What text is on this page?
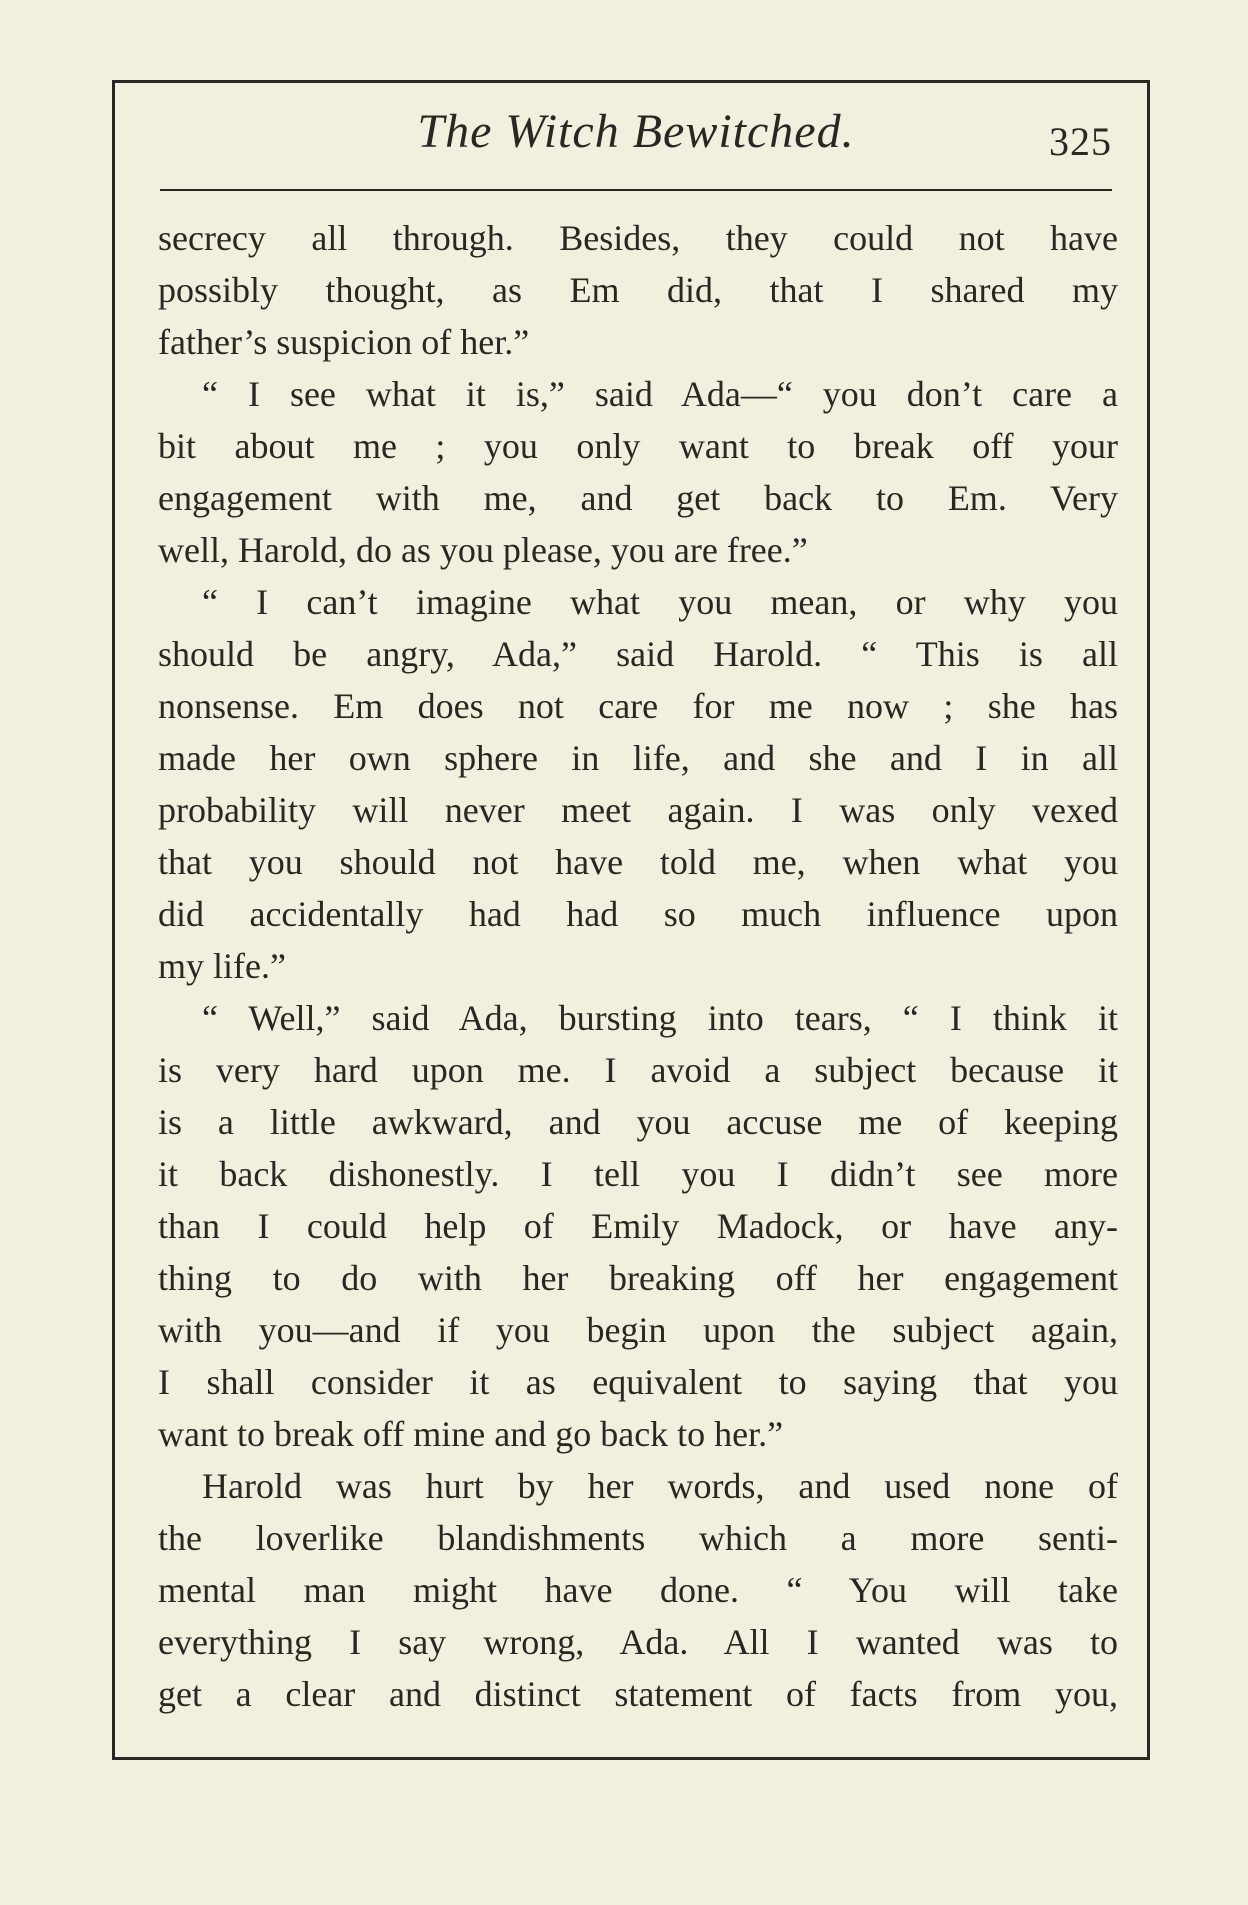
The Witch Bewitched.	325
secrecy all through. Besides, they could not have
possibly thought, as Em did, that I shared my
father’s suspicion of her.”
“ I see what it is,” said Ada—“ you don’t care a
bit about me ; you only want to break off your
engagement with me, and get back to Em. Very
well, Harold, do as you please, you are free.”
“ I can’t imagine what you mean, or why you
should be angry, Ada,” said Harold. “ This is all
nonsense. Em does not care for me now ; she has
made her own sphere in life, and she and I in all
probability will never meet again. I was only vexed
that you should not have told me, when what you
did accidentally had had so much influence upon
my life.”
“ Well,” said Ada, bursting into tears, “ I think it
is very hard upon me. I avoid a subject because it
is a little awkward, and you accuse me of keeping
it back dishonestly. I tell you I didn’t see more
than I could help of Emily Madock, or have any-
thing to do with her breaking off her engagement
with you—and if you begin upon the subject again,
I shall consider it as equivalent to saying that you
want to break off mine and go back to her.”
Harold was hurt by her words, and used none of
the loverlike blandishments which a more senti-
mental man might have done. “ You will take
everything I say wrong, Ada. All I wanted was to
get a clear and distinct statement of facts from you,
